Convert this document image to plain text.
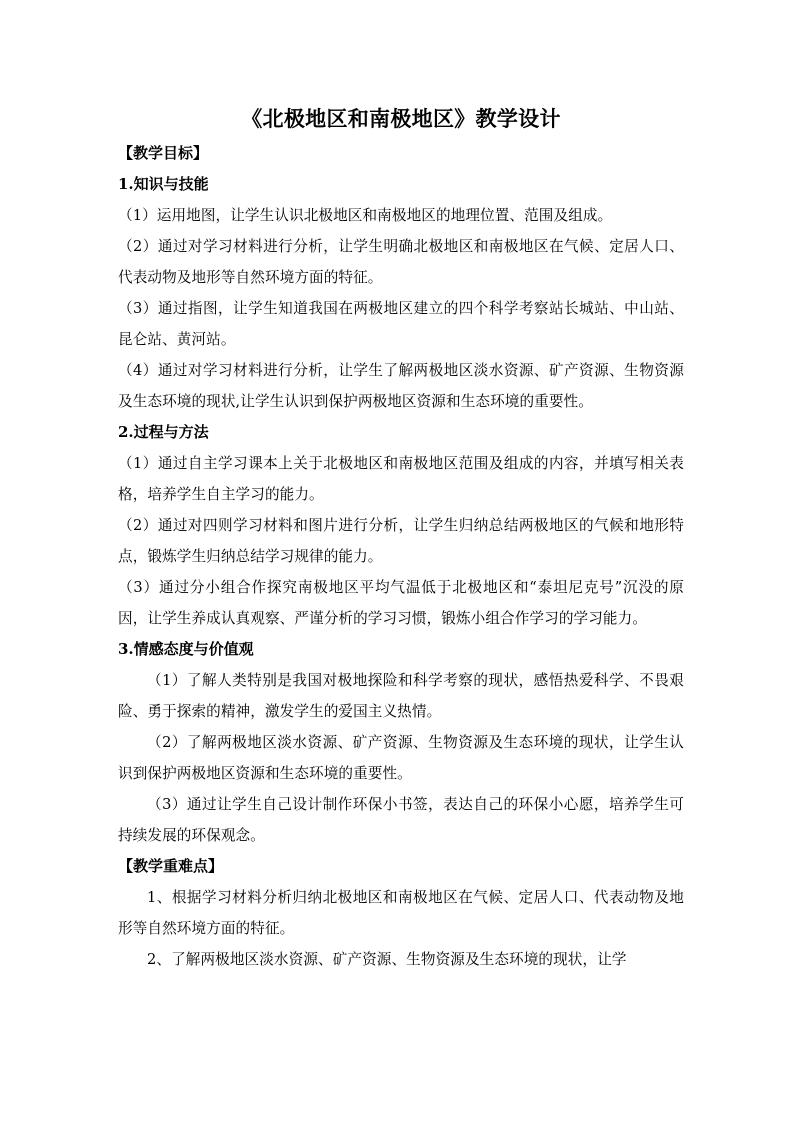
《北极地区和南极地区》教学设计

【教学目标】

1.知识与技能

（1）运用地图，让学生认识北极地区和南极地区的地理位置、范围及组成。

（2）通过对学习材料进行分析，让学生明确北极地区和南极地区在气候、定居人口、代表动物及地形等自然环境方面的特征。

（3）通过指图，让学生知道我国在两极地区建立的四个科学考察站长城站、中山站、昆仑站、黄河站。

（4）通过对学习材料进行分析，让学生了解两极地区淡水资源、矿产资源、生物资源及生态环境的现状,让学生认识到保护两极地区资源和生态环境的重要性。

2.过程与方法

（1）通过自主学习课本上关于北极地区和南极地区范围及组成的内容，并填写相关表格，培养学生自主学习的能力。

（2）通过对四则学习材料和图片进行分析，让学生归纳总结两极地区的气候和地形特点，锻炼学生归纳总结学习规律的能力。

（3）通过分小组合作探究南极地区平均气温低于北极地区和“泰坦尼克号”沉没的原因，让学生养成认真观察、严谨分析的学习习惯，锻炼小组合作学习的学习能力。

3.情感态度与价值观

（1）了解人类特别是我国对极地探险和科学考察的现状，感悟热爱科学、不畏艰险、勇于探索的精神，激发学生的爱国主义热情。

（2）了解两极地区淡水资源、矿产资源、生物资源及生态环境的现状，让学生认识到保护两极地区资源和生态环境的重要性。

（3）通过让学生自己设计制作环保小书签，表达自己的环保小心愿，培养学生可持续发展的环保观念。

【教学重难点】

1、根据学习材料分析归纳北极地区和南极地区在气候、定居人口、代表动物及地形等自然环境方面的特征。

2、了解两极地区淡水资源、矿产资源、生物资源及生态环境的现状，让学
